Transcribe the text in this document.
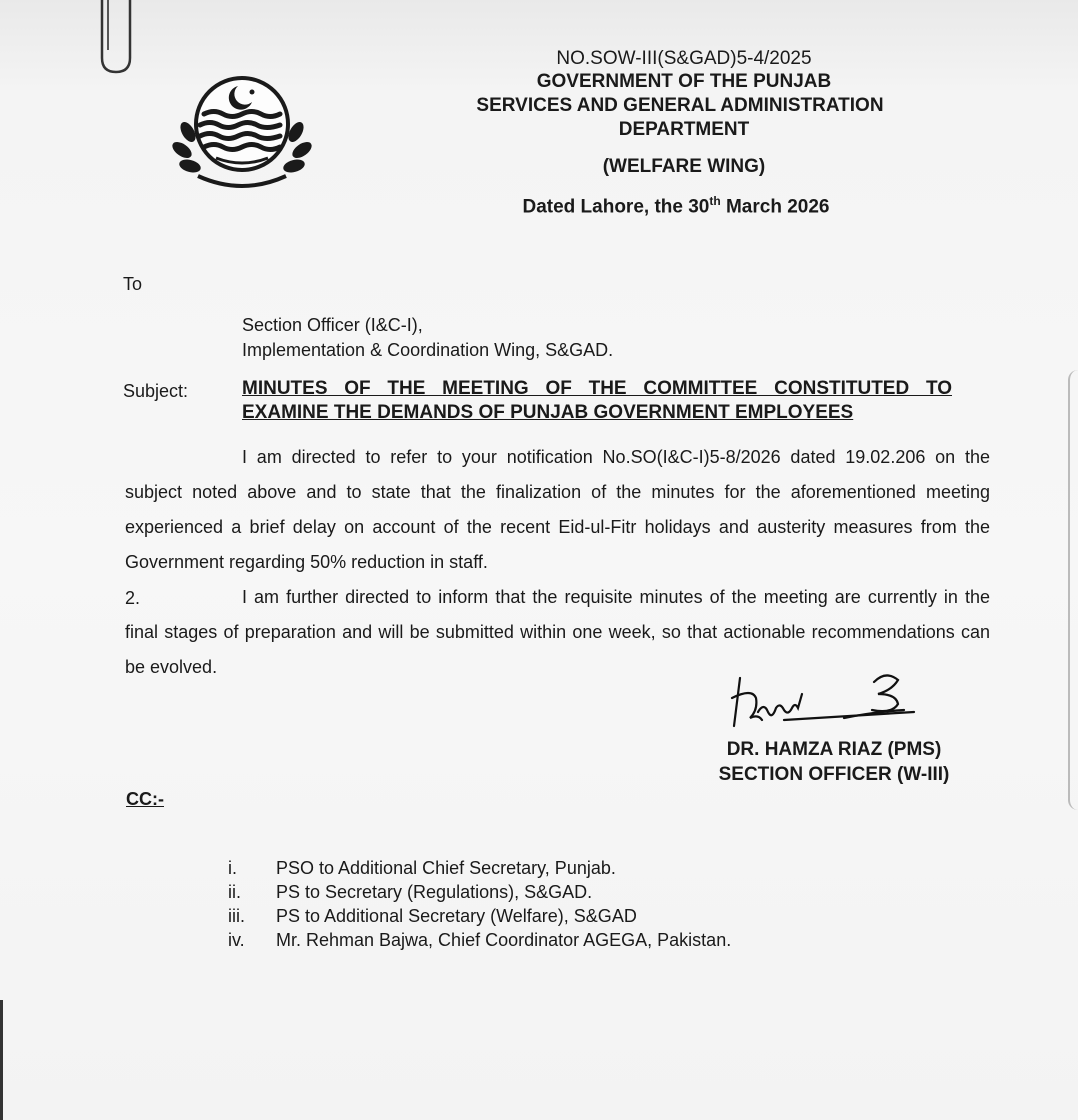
NO.SOW-III(S&GAD)5-4/2025
GOVERNMENT OF THE PUNJAB
SERVICES AND GENERAL ADMINISTRATION
DEPARTMENT
(WELFARE WING)
Dated Lahore, the 30th March 2026
To
Section Officer (I&C-I),
Implementation & Coordination Wing, S&GAD.
Subject:	MINUTES OF THE MEETING OF THE COMMITTEE CONSTITUTED TO
EXAMINE THE DEMANDS OF PUNJAB GOVERNMENT EMPLOYEES
I am directed to refer to your notification No.SO(I&C-I)5-8/2026 dated 19.02.206 on the subject noted above and to state that the finalization of the minutes for the aforementioned meeting experienced a brief delay on account of the recent Eid-ul-Fitr holidays and austerity measures from the Government regarding 50% reduction in staff.
2.	I am further directed to inform that the requisite minutes of the meeting are currently in the final stages of preparation and will be submitted within one week, so that actionable recommendations can be evolved.
DR. HAMZA RIAZ (PMS)
SECTION OFFICER (W-III)
CC:-
i. PSO to Additional Chief Secretary, Punjab.
ii. PS to Secretary (Regulations), S&GAD.
iii. PS to Additional Secretary (Welfare), S&GAD
iv. Mr. Rehman Bajwa, Chief Coordinator AGEGA, Pakistan.
